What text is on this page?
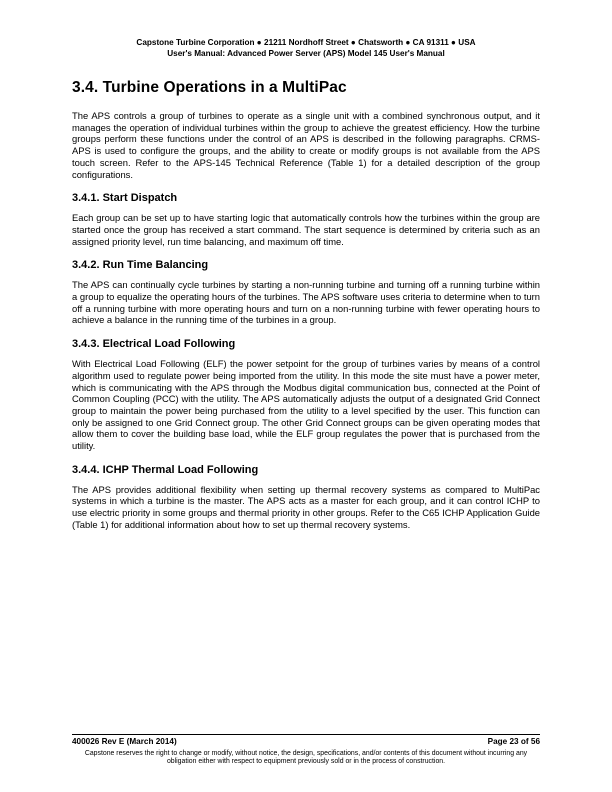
Capstone Turbine Corporation ● 21211 Nordhoff Street ● Chatsworth ● CA 91311 ● USA
User's Manual: Advanced Power Server (APS) Model 145 User's Manual
3.4. Turbine Operations in a MultiPac

The APS controls a group of turbines to operate as a single unit with a combined synchronous output, and it manages the operation of individual turbines within the group to achieve the greatest efficiency. How the turbine groups perform these functions under the control of an APS is described in the following paragraphs. CRMS-APS is used to configure the groups, and the ability to create or modify groups is not available from the APS touch screen. Refer to the APS-145 Technical Reference (Table 1) for a detailed description of the group configurations.

3.4.1. Start Dispatch

Each group can be set up to have starting logic that automatically controls how the turbines within the group are started once the group has received a start command. The start sequence is determined by criteria such as an assigned priority level, run time balancing, and maximum off time.

3.4.2. Run Time Balancing

The APS can continually cycle turbines by starting a non-running turbine and turning off a running turbine within a group to equalize the operating hours of the turbines. The APS software uses criteria to determine when to turn off a running turbine with more operating hours and turn on a non-running turbine with fewer operating hours to achieve a balance in the running time of the turbines in a group.

3.4.3. Electrical Load Following

With Electrical Load Following (ELF) the power setpoint for the group of turbines varies by means of a control algorithm used to regulate power being imported from the utility. In this mode the site must have a power meter, which is communicating with the APS through the Modbus digital communication bus, connected at the Point of Common Coupling (PCC) with the utility. The APS automatically adjusts the output of a designated Grid Connect group to maintain the power being purchased from the utility to a level specified by the user. This function can only be assigned to one Grid Connect group. The other Grid Connect groups can be given operating modes that allow them to cover the building base load, while the ELF group regulates the power that is purchased from the utility.

3.4.4. ICHP Thermal Load Following

The APS provides additional flexibility when setting up thermal recovery systems as compared to MultiPac systems in which a turbine is the master. The APS acts as a master for each group, and it can control ICHP to use electric priority in some groups and thermal priority in other groups. Refer to the C65 ICHP Application Guide (Table 1) for additional information about how to set up thermal recovery systems.

400026 Rev E (March 2014)	Page 23 of 56
Capstone reserves the right to change or modify, without notice, the design, specifications, and/or contents of this document without incurring any obligation either with respect to equipment previously sold or in the process of construction.
